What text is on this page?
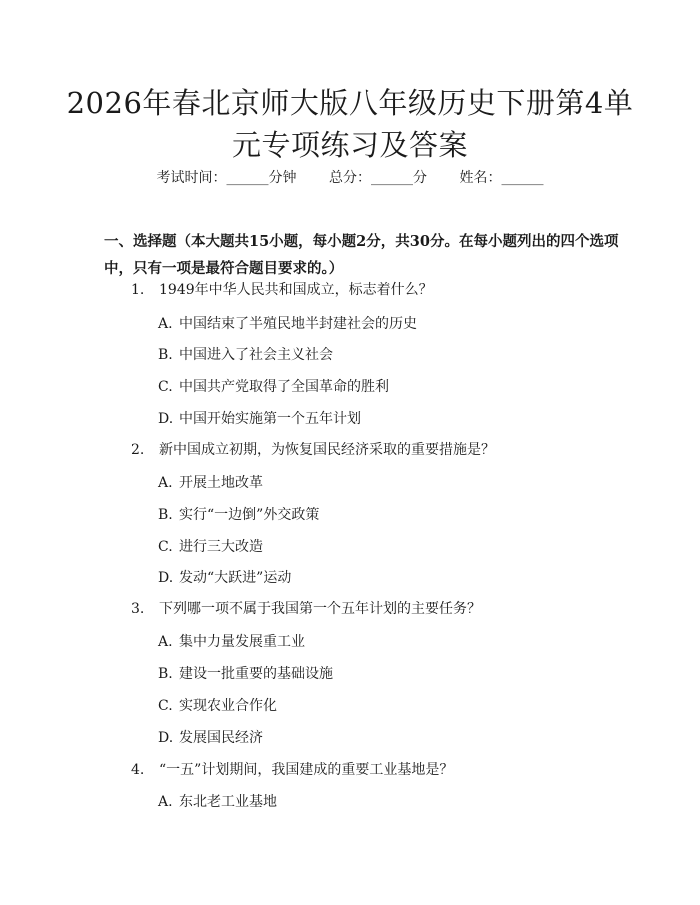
2026年春北京师大版八年级历史下册第4单元专项练习及答案
考试时间：______分钟 总分：______分 姓名：______

一、选择题（本大题共15小题，每小题2分，共30分。在每小题列出的四个选项中，只有一项是最符合题目要求的。）

1. 1949年中华人民共和国成立，标志着什么？
A. 中国结束了半殖民地半封建社会的历史
B. 中国进入了社会主义社会
C. 中国共产党取得了全国革命的胜利
D. 中国开始实施第一个五年计划
2. 新中国成立初期，为恢复国民经济采取的重要措施是？
A. 开展土地改革
B. 实行“一边倒”外交政策
C. 进行三大改造
D. 发动“大跃进”运动
3. 下列哪一项不属于我国第一个五年计划的主要任务？
A. 集中力量发展重工业
B. 建设一批重要的基础设施
C. 实现农业合作化
D. 发展国民经济
4. “一五”计划期间，我国建成的重要工业基地是？
A. 东北老工业基地
